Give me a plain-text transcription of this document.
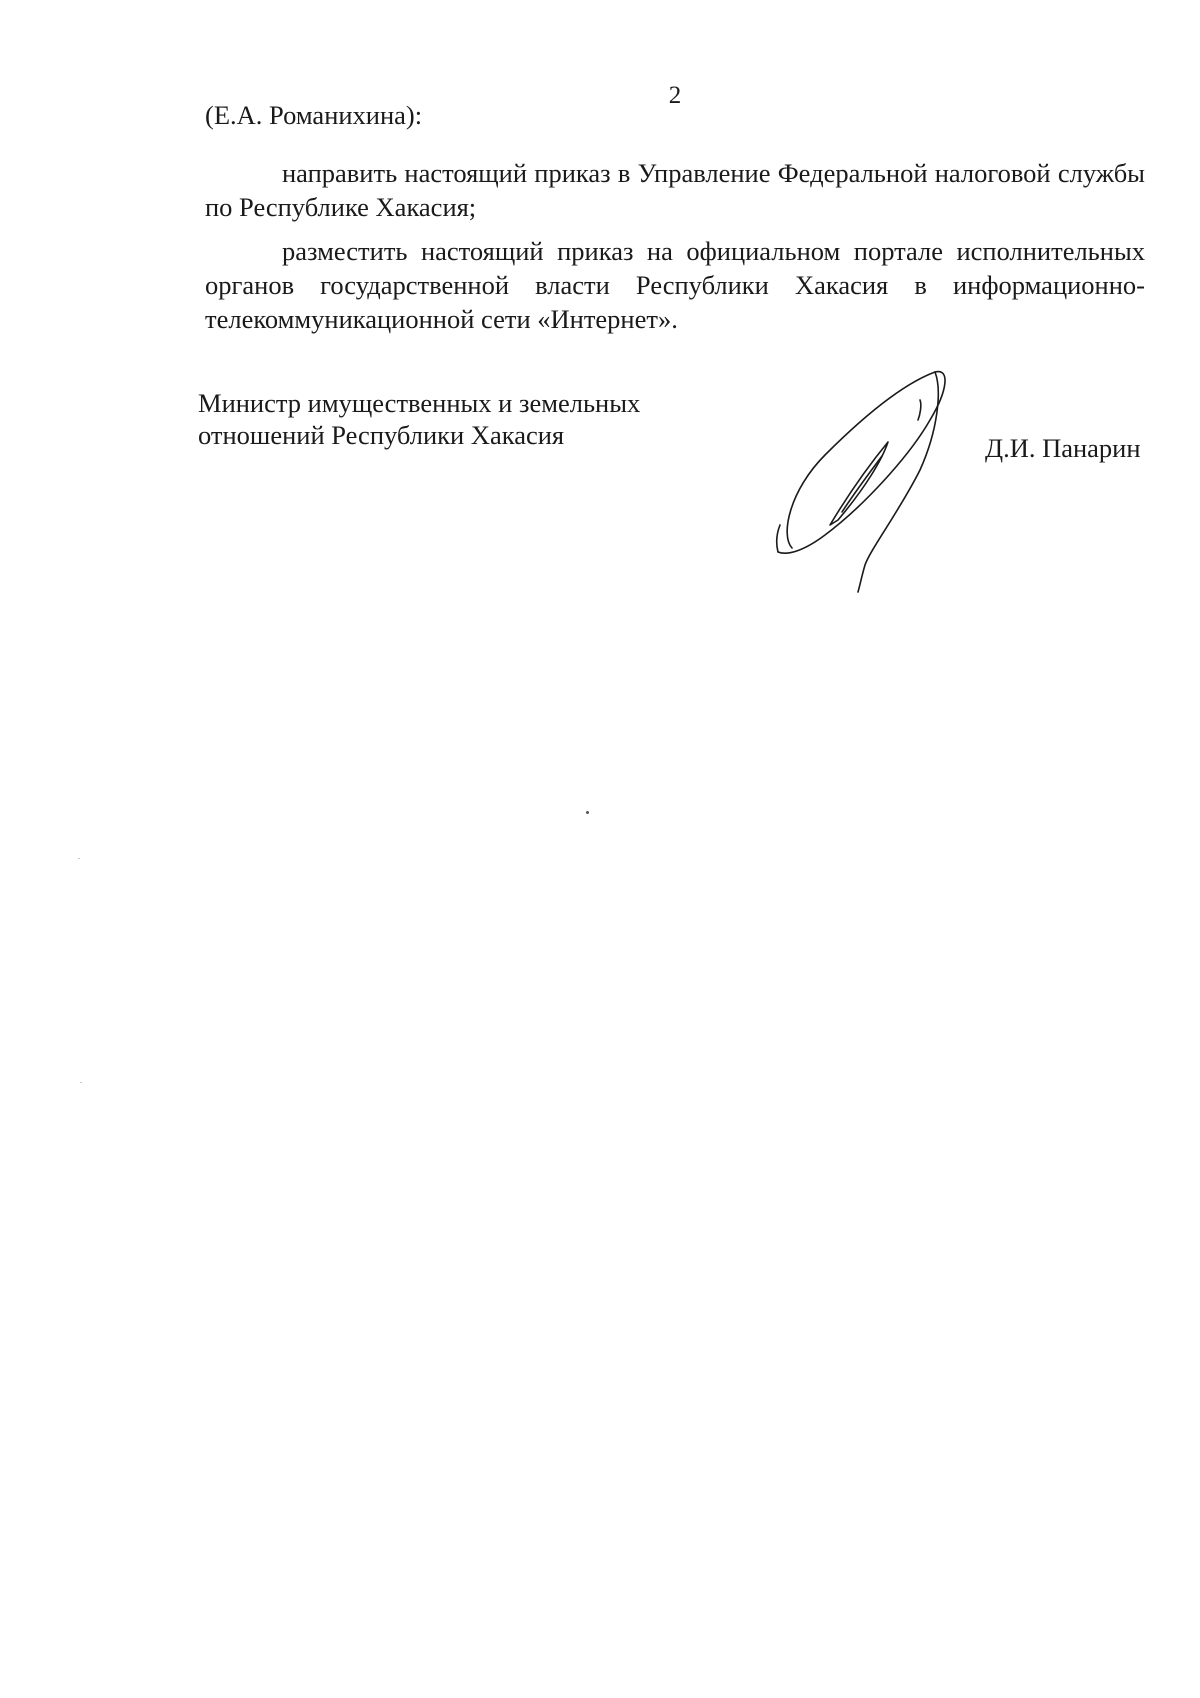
2
(Е.А. Романихина):
направить настоящий приказ в Управление Федеральной налоговой службы
по Республике Хакасия;
разместить настоящий приказ на официальном портале исполнительных
органов государственной власти Республики Хакасия в информационно-
телекоммуникационной сети «Интернет».
Министр имущественных и земельных
отношений Республики Хакасия	Д.И. Панарин
